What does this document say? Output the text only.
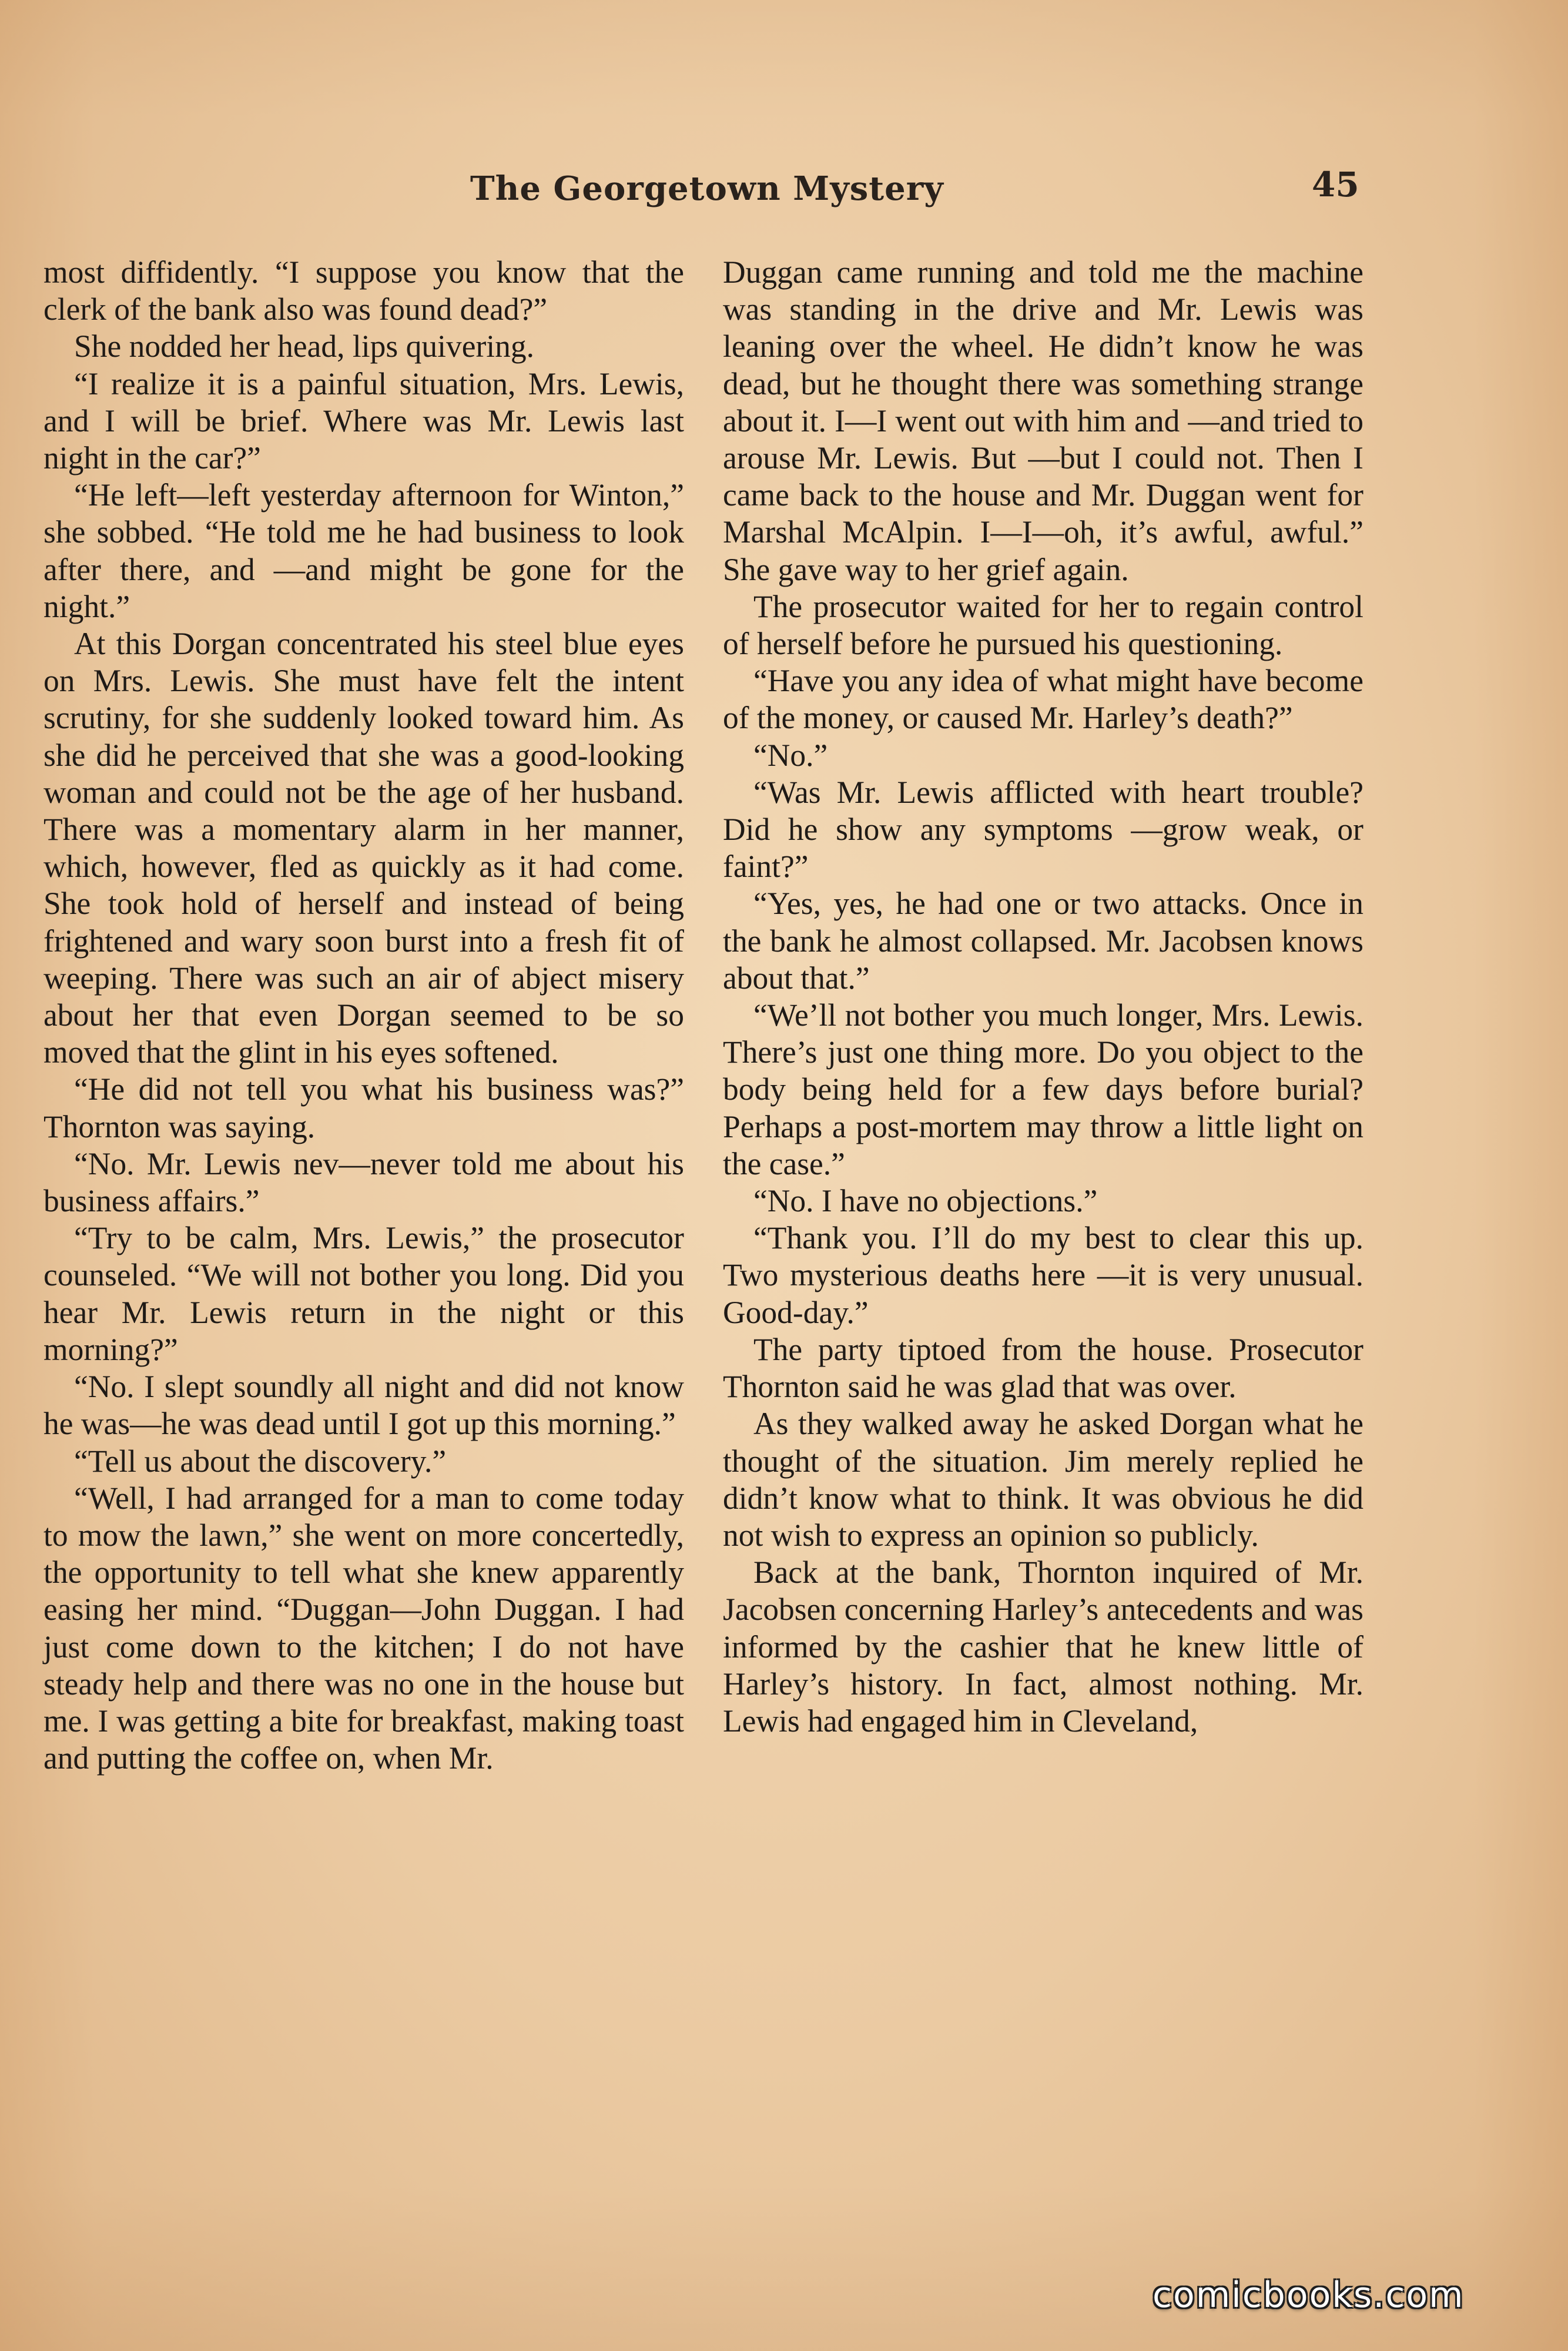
The Georgetown Mystery	45

most diffidently. “I suppose you know that the clerk of the bank also was found dead?”

She nodded her head, lips quivering.

“I realize it is a painful situation, Mrs. Lewis, and I will be brief. Where was Mr. Lewis last night in the car?”

“He left—left yesterday afternoon for Winton,” she sobbed. “He told me he had business to look after there, and —and might be gone for the night.”

At this Dorgan concentrated his steel blue eyes on Mrs. Lewis. She must have felt the intent scrutiny, for she suddenly looked toward him. As she did he perceived that she was a good-looking woman and could not be the age of her husband. There was a momentary alarm in her manner, which, however, fled as quickly as it had come. She took hold of herself and instead of being frightened and wary soon burst into a fresh fit of weeping. There was such an air of abject misery about her that even Dorgan seemed to be so moved that the glint in his eyes softened.

“He did not tell you what his business was?” Thornton was saying.

“No. Mr. Lewis nev—never told me about his business affairs.”

“Try to be calm, Mrs. Lewis,” the prosecutor counseled. “We will not bother you long. Did you hear Mr. Lewis return in the night or this morning?”

“No. I slept soundly all night and did not know he was—he was dead until I got up this morning.”

“Tell us about the discovery.”

“Well, I had arranged for a man to come today to mow the lawn,” she went on more concertedly, the opportunity to tell what she knew apparently easing her mind. “Duggan—John Duggan. I had just come down to the kitchen; I do not have steady help and there was no one in the house but me. I was getting a bite for breakfast, making toast and putting the coffee on, when Mr.

Duggan came running and told me the machine was standing in the drive and Mr. Lewis was leaning over the wheel. He didn’t know he was dead, but he thought there was something strange about it. I—I went out with him and —and tried to arouse Mr. Lewis. But —but I could not. Then I came back to the house and Mr. Duggan went for Marshal McAlpin. I—I—oh, it’s awful, awful.” She gave way to her grief again.

The prosecutor waited for her to regain control of herself before he pursued his questioning.

“Have you any idea of what might have become of the money, or caused Mr. Harley’s death?”

“No.”

“Was Mr. Lewis afflicted with heart trouble? Did he show any symptoms —grow weak, or faint?”

“Yes, yes, he had one or two attacks. Once in the bank he almost collapsed. Mr. Jacobsen knows about that.”

“We’ll not bother you much longer, Mrs. Lewis. There’s just one thing more. Do you object to the body being held for a few days before burial? Perhaps a post-mortem may throw a little light on the case.”

“No. I have no objections.”

“Thank you. I’ll do my best to clear this up. Two mysterious deaths here —it is very unusual. Good-day.”

The party tiptoed from the house. Prosecutor Thornton said he was glad that was over.

As they walked away he asked Dorgan what he thought of the situation. Jim merely replied he didn’t know what to think. It was obvious he did not wish to express an opinion so publicly.

Back at the bank, Thornton inquired of Mr. Jacobsen concerning Harley’s antecedents and was informed by the cashier that he knew little of Harley’s history. In fact, almost nothing. Mr. Lewis had engaged him in Cleveland,

comicbooks.com
